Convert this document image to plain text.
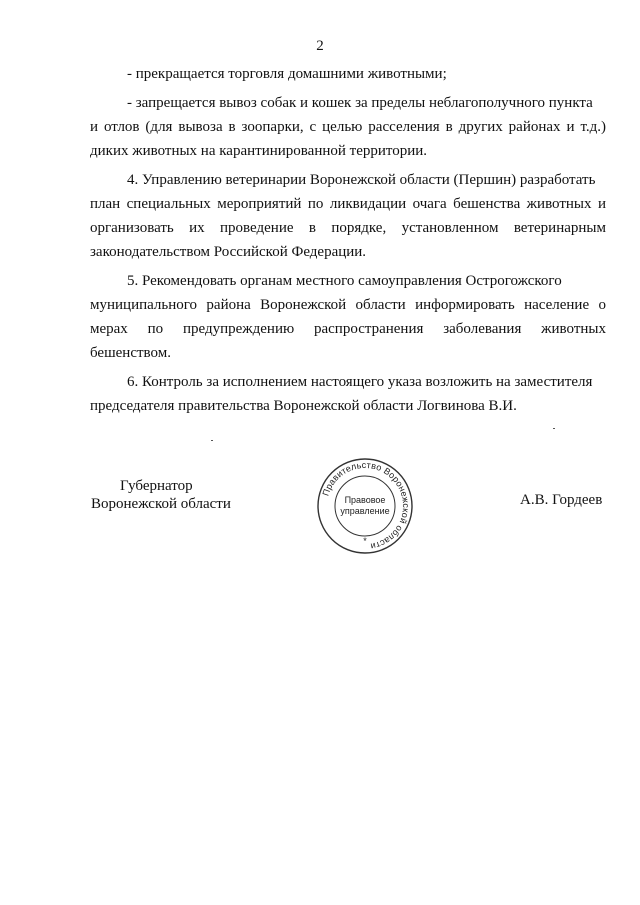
2
- прекращается торговля домашними животными;
- запрещается вывоз собак и кошек за пределы неблагополучного пункта
и отлов (для вывоза в зоопарки, с целью расселения в других районах и т.д.)
диких животных на карантинированной территории.
4. Управлению ветеринарии Воронежской области (Першин) разработать
план специальных мероприятий по ликвидации очага бешенства животных и
организовать их проведение в порядке, установленном ветеринарным
законодательством Российской Федерации.
5. Рекомендовать органам местного самоуправления Острогожского
муниципального района Воронежской области информировать население о
мерах по предупреждению распространения заболевания животных
бешенством.
6. Контроль за исполнением настоящего указа возложить на заместителя
председателя правительства Воронежской области Логвинова В.И.
Губернатор
Воронежской области	А.В. Гордеев
Правительство Воронежской области
Правовое
управление
*
